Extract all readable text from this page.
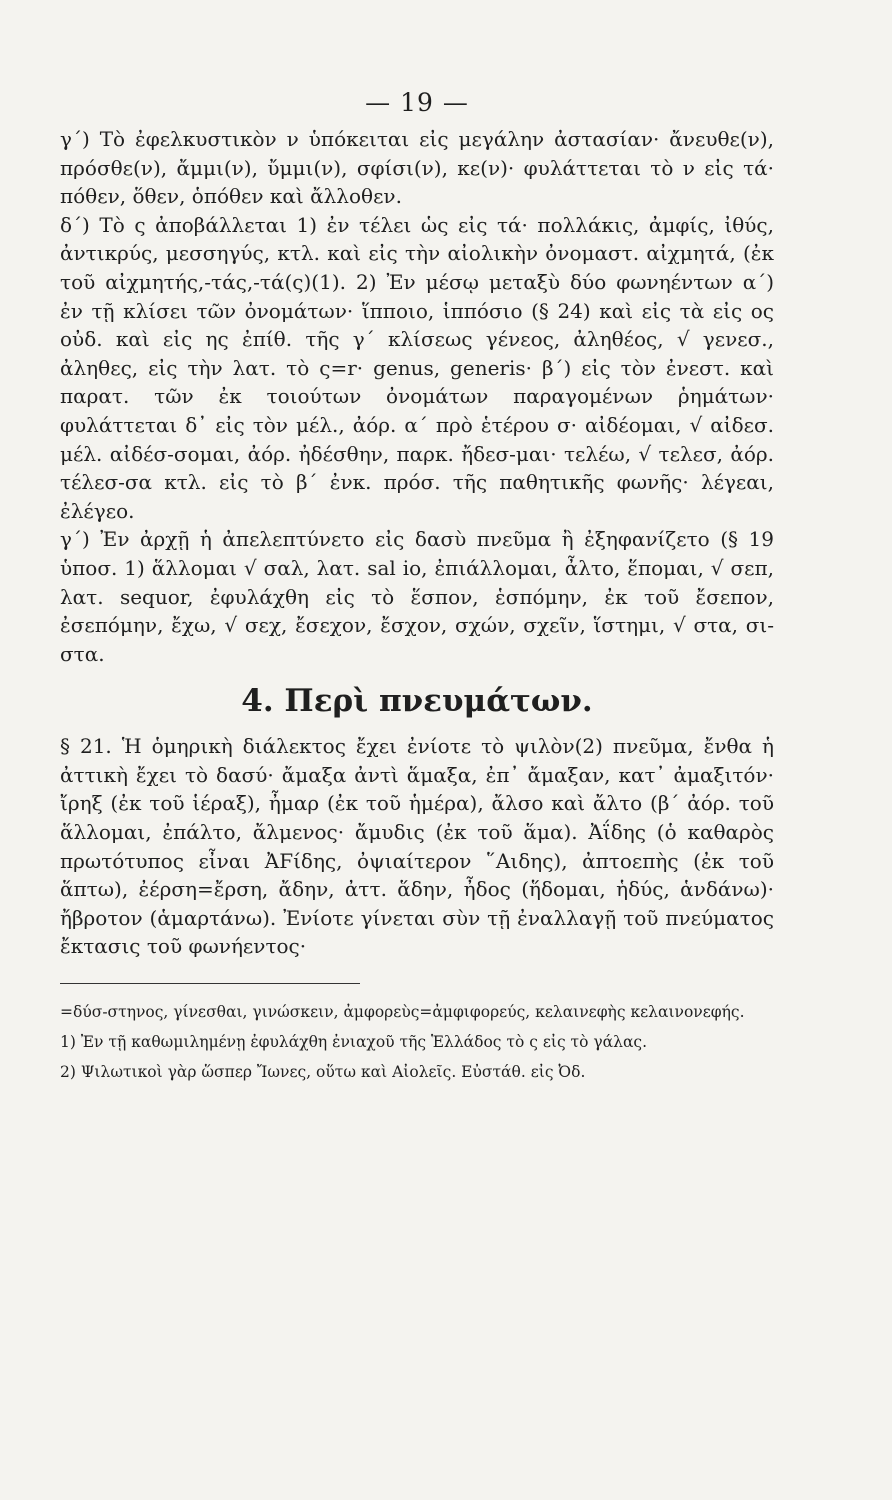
— 19 —

γ΄) Τὸ ἐφελκυστικὸν ν ὑπόκειται εἰς μεγάλην ἀστασίαν· ἄνευθε(ν), πρόσθε(ν), ἄμμι(ν), ὔμμι(ν), σφίσι(ν), κε(ν)· φυλάττεται τὸ ν εἰς τά· πόθεν, ὅθεν, ὁπόθεν καὶ ἄλλοθεν.

δ΄) Τὸ ς ἀποβάλλεται 1) ἐν τέλει ὡς εἰς τά· πολλάκις, ἀμφίς, ἰθύς, ἀντικρύς, μεσσηγύς, κτλ. καὶ εἰς τὴν αἰολικὴν ὀνομαστ. αἰχμητά, (ἐκ τοῦ αἰχμητής,-τάς,-τά(ς)(1). 2) Ἐν μέσῳ μεταξὺ δύο φωνηέντων α΄) ἐν τῇ κλίσει τῶν ὀνομάτων· ἵπποιο, ἱππόσιο (§ 24) καὶ εἰς τὰ εἰς ος οὐδ. καὶ εἰς ης ἐπίθ. τῆς γ΄ κλίσεως γένεος, ἀληθέος, √ γενεσ., ἀληθες, εἰς τὴν λατ. τὸ ς=r· genus, generis· β΄) εἰς τὸν ἐνεστ. καὶ παρατ. τῶν ἐκ τοιούτων ὀνομάτων παραγομένων ῥημάτων· φυλάττεται δ᾽ εἰς τὸν μέλ., ἀόρ. α΄ πρὸ ἑτέρου σ· αἰδέομαι, √ αἰδεσ. μέλ. αἰδέσ-σομαι, ἀόρ. ἠδέσθην, παρκ. ἤδεσ-μαι· τελέω, √ τελεσ, ἀόρ. τέλεσ-σα κτλ. εἰς τὸ β΄ ἐνκ. πρόσ. τῆς παθητικῆς φωνῆς· λέγεαι, ἐλέγεο.

γ΄) Ἐν ἀρχῇ ἡ ἀπελεπτύνετο εἰς δασὺ πνεῦμα ἢ ἐξηφανίζετο (§ 19 ὑποσ. 1) ἅλλομαι √ σαλ, λατ. sal io, ἐπιάλλομαι, ἆλτο, ἕπομαι, √ σεπ, λατ. sequor, ἐφυλάχθη εἰς τὸ ἕσπον, ἑσπόμην, ἐκ τοῦ ἔσεπον, ἐσεπόμην, ἔχω, √ σεχ, ἔσεχον, ἔσχον, σχών, σχεῖν, ἵστημι, √ στα, σι-στα.

4. Περὶ πνευμάτων.

§ 21. Ἡ ὁμηρικὴ διάλεκτος ἔχει ἐνίοτε τὸ ψιλὸν(2) πνεῦμα, ἔνθα ἡ ἀττικὴ ἔχει τὸ δασύ· ἄμαξα ἀντὶ ἅμαξα, ἐπ᾽ ἄμαξαν, κατ᾽ ἀμαξιτόν· ἴρηξ (ἐκ τοῦ ἱέραξ), ἦμαρ (ἐκ τοῦ ἡμέρα), ἄλσο καὶ ἄλτο (β΄ ἀόρ. τοῦ ἅλλομαι, ἐπάλτο, ἄλμενος· ἄμυδις (ἐκ τοῦ ἅμα). Ἀΐδης (ὁ καθαρὸς πρωτότυπος εἶναι ἈϜίδης, ὀψιαίτερον ῞Αιδης), ἀπτοεπὴς (ἐκ τοῦ ἅπτω), ἐέρση=ἔρση, ἄδην, ἀττ. ἅδην, ἦδος (ἥδομαι, ἡδύς, ἁνδάνω)· ἤβροτον (ἁμαρτάνω). Ἐνίοτε γίνεται σὺν τῇ ἐναλλαγῇ τοῦ πνεύματος ἔκτασις τοῦ φωνήεντος·

=δύσ-στηνος, γίνεσθαι, γινώσκειν, ἀμφορεὺς=ἀμφιφορεύς, κελαινεφὴς κελαινονεφής.

1) Ἐν τῇ καθωμιλημένῃ ἐφυλάχθη ἐνιαχοῦ τῆς Ἑλλάδος τὸ ς εἰς τὸ γάλας.

2) Ψιλωτικοὶ γὰρ ὥσπερ Ἴωνες, οὕτω καὶ Αἰολεῖς. Εὐστάθ. εἰς Ὀδ.
